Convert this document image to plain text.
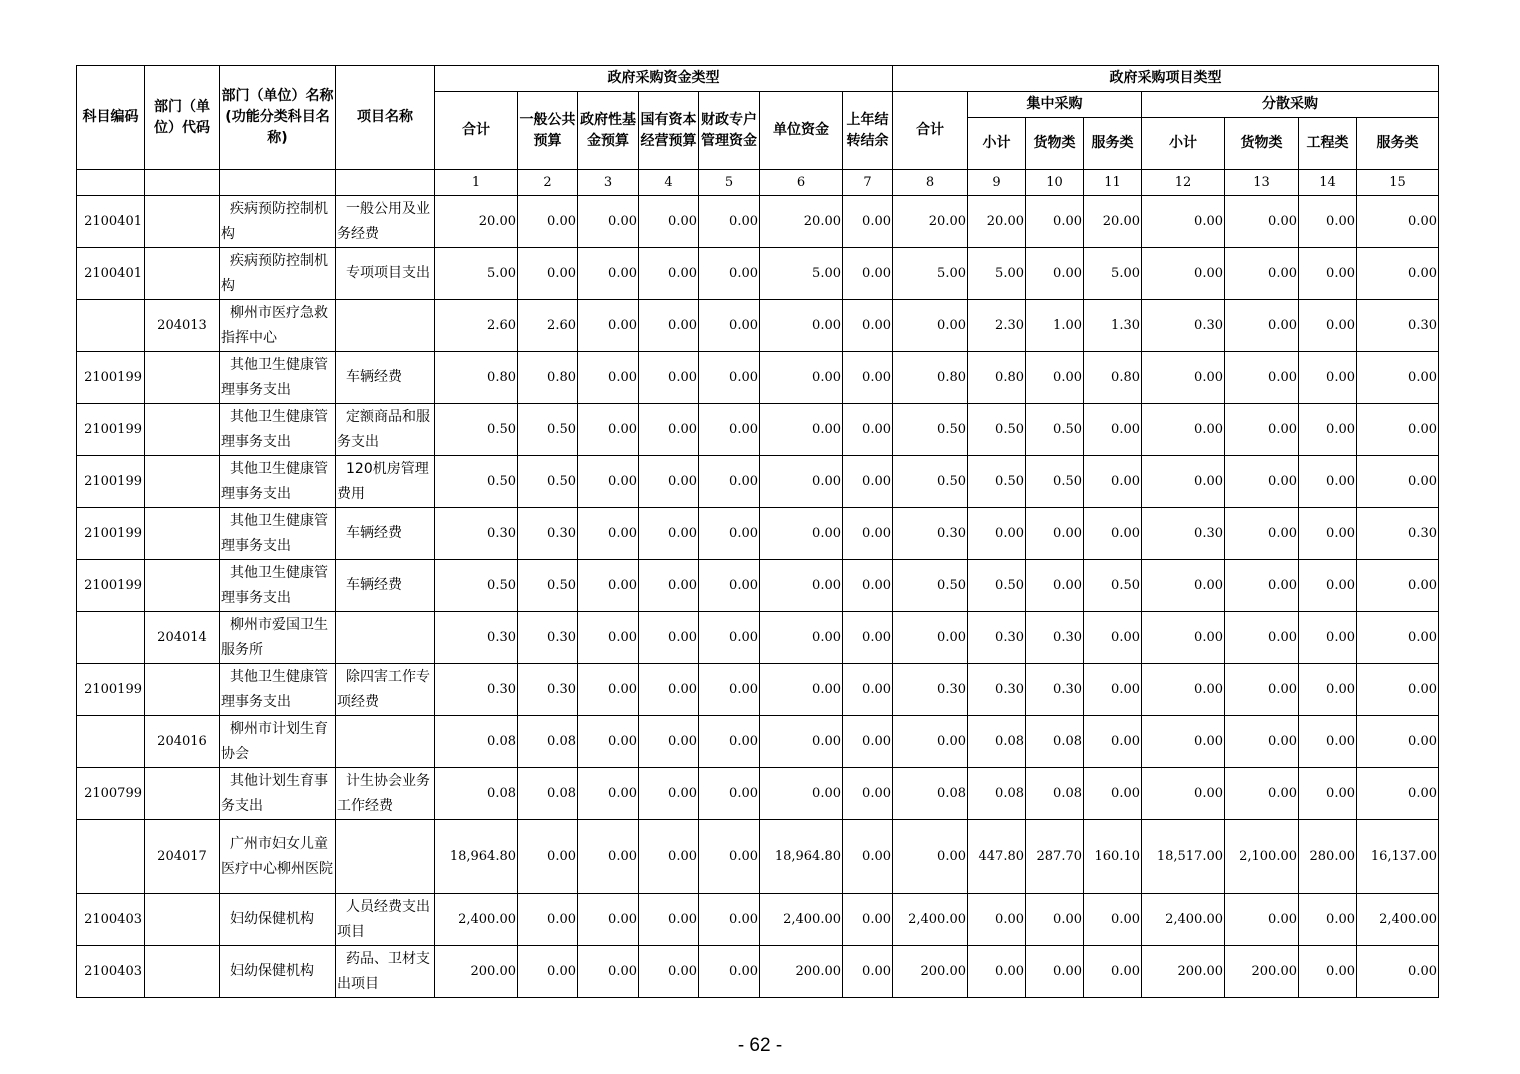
科目编码	部门（单位）代码	部门（单位）名称(功能分类科目名称)	项目名称	政府采购资金类型							政府采购项目类型							
				合计	一般公共预算	政府性基金预算	国有资本经营预算	财政专户管理资金	单位资金	上年结转结余	合计	集中采购			分散采购			
												小计	货物类	服务类	小计	货物类	工程类	服务类
				1	2	3	4	5	6	7	8	9	10	11	12	13	14	15
2100401		疾病预防控制机构	一般公用及业务经费	20.00	0.00	0.00	0.00	0.00	20.00	0.00	20.00	20.00	0.00	20.00	0.00	0.00	0.00	0.00
2100401		疾病预防控制机构	专项项目支出	5.00	0.00	0.00	0.00	0.00	5.00	0.00	5.00	5.00	0.00	5.00	0.00	0.00	0.00	0.00
	204013	柳州市医疗急救指挥中心		2.60	2.60	0.00	0.00	0.00	0.00	0.00	0.00	2.30	1.00	1.30	0.30	0.00	0.00	0.30
2100199		其他卫生健康管理事务支出	车辆经费	0.80	0.80	0.00	0.00	0.00	0.00	0.00	0.80	0.80	0.00	0.80	0.00	0.00	0.00	0.00
2100199		其他卫生健康管理事务支出	定额商品和服务支出	0.50	0.50	0.00	0.00	0.00	0.00	0.00	0.50	0.50	0.50	0.00	0.00	0.00	0.00	0.00
2100199		其他卫生健康管理事务支出	120机房管理费用	0.50	0.50	0.00	0.00	0.00	0.00	0.00	0.50	0.50	0.50	0.00	0.00	0.00	0.00	0.00
2100199		其他卫生健康管理事务支出	车辆经费	0.30	0.30	0.00	0.00	0.00	0.00	0.00	0.30	0.00	0.00	0.00	0.30	0.00	0.00	0.30
2100199		其他卫生健康管理事务支出	车辆经费	0.50	0.50	0.00	0.00	0.00	0.00	0.00	0.50	0.50	0.00	0.50	0.00	0.00	0.00	0.00
	204014	柳州市爱国卫生服务所		0.30	0.30	0.00	0.00	0.00	0.00	0.00	0.00	0.30	0.30	0.00	0.00	0.00	0.00	0.00
2100199		其他卫生健康管理事务支出	除四害工作专项经费	0.30	0.30	0.00	0.00	0.00	0.00	0.00	0.30	0.30	0.30	0.00	0.00	0.00	0.00	0.00
	204016	柳州市计划生育协会		0.08	0.08	0.00	0.00	0.00	0.00	0.00	0.00	0.08	0.08	0.00	0.00	0.00	0.00	0.00
2100799		其他计划生育事务支出	计生协会业务工作经费	0.08	0.08	0.00	0.00	0.00	0.00	0.00	0.08	0.08	0.08	0.00	0.00	0.00	0.00	0.00
	204017	广州市妇女儿童医疗中心柳州医院		18,964.80	0.00	0.00	0.00	0.00	18,964.80	0.00	0.00	447.80	287.70	160.10	18,517.00	2,100.00	280.00	16,137.00
2100403		妇幼保健机构	人员经费支出项目	2,400.00	0.00	0.00	0.00	0.00	2,400.00	0.00	2,400.00	0.00	0.00	0.00	2,400.00	0.00	0.00	2,400.00
2100403		妇幼保健机构	药品、卫材支出项目	200.00	0.00	0.00	0.00	0.00	200.00	0.00	200.00	0.00	0.00	0.00	200.00	200.00	0.00	0.00
- 62 -
